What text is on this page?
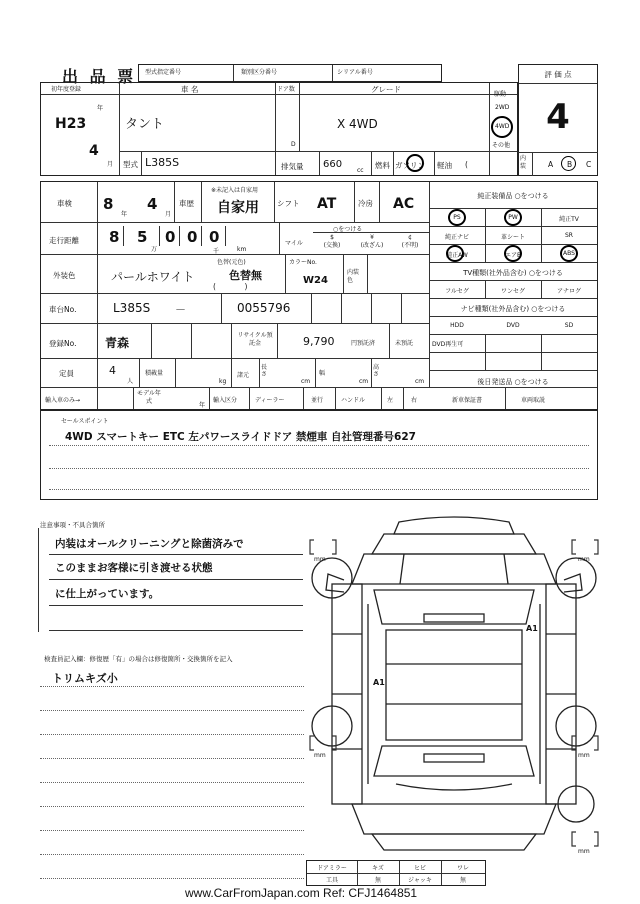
出 品 票 型式指定番号	類別区分番号	シリアル番号	評 価 点
4
初年度登録
H23
年
4
月
車 名
タント
型式 L385S
ドア数
D
グレード
X 4WD
排気量 660
cc
燃料 ガソリン 軽油 (
駆動
2WD
4WD
その他
内装	A B C
車検 8
年
4
月
車歴
※未記入は自家用
自家用 シフト AT	冷房 AC
走行距離 8 5
万
0 0 0
千	km
マイル
○をつける
$
(交換)
¥
(改ざん)
¢
(不明)
外装色	パールホワイト
色替(元色)
色替無
(            )
カラーNo.
W24
内装色
車台No.	L385S －	0055796
登録No. 青森
リサイクル預託金	9,790	円預託済	未預託
定員	4
人
積載量
kg
諸元
長さ
cm
幅
cm
高さ
cm
輸入車のみ→
モデル年式
年
輸入区分	ディーラー	並行	ハンドル	左	右
純正装備品 ○をつける
PS	PW	純正TV
純正ナビ	革シート	SR
純正AW	エアB	ABS
TV種類(社外品含む) ○をつける
フルセグ	ワンセグ	アナログ
ナビ種類(社外品含む) ○をつける
HDD	DVD	SD
DVD再生可
後日発送品 ○をつける
新車保証書	車両取説
セールスポイント
4WD スマートキー ETC 左パワースライドドア 禁煙車 自社管理番号627
注意事項・不具合箇所
内装はオールクリーニングと除菌済みで
このままお客様に引き渡せる状態
に仕上がっています。
検査員記入欄：修復歴「有」の場合は修復箇所・交換箇所を記入
トリムキズ小
mm	mm
mm	mm
mm
A1
A1
ドアミラー	キズ	ヒビ	ワレ
工具	無	ジャッキ	無
www.CarFromJapan.com Ref: CFJ1464851
